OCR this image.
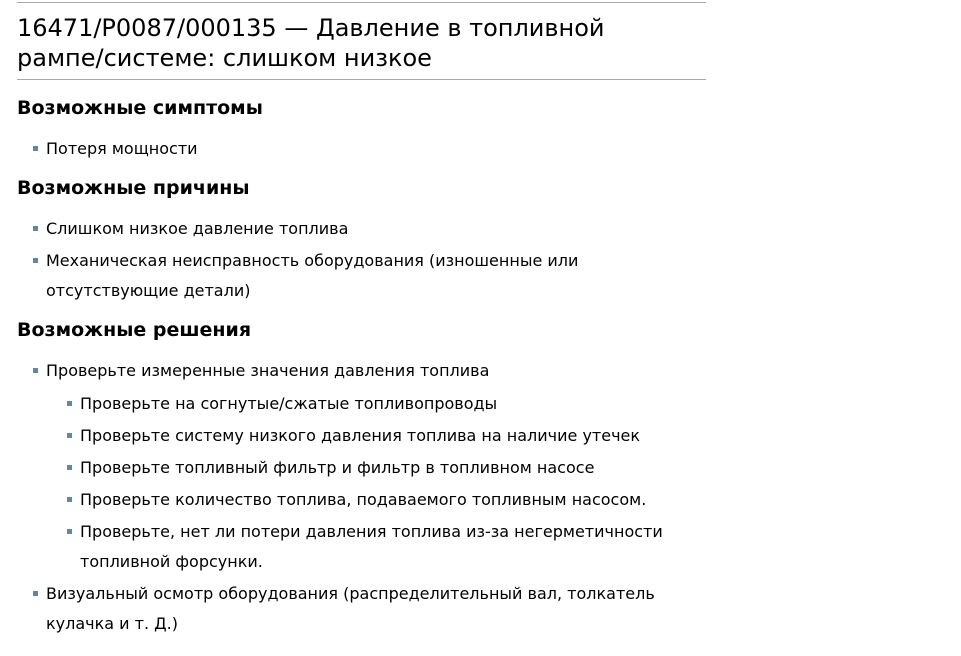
16471/P0087/000135 — Давление в топливной рампе/системе: слишком низкое
Возможные симптомы
Потеря мощности
Возможные причины
Слишком низкое давление топлива
Механическая неисправность оборудования (изношенные или отсутствующие детали)
Возможные решения
Проверьте измеренные значения давления топлива
Проверьте на согнутые/сжатые топливопроводы
Проверьте систему низкого давления топлива на наличие утечек
Проверьте топливный фильтр и фильтр в топливном насосе
Проверьте количество топлива, подаваемого топливным насосом.
Проверьте, нет ли потери давления топлива из-за негерметичности топливной форсунки.
Визуальный осмотр оборудования (распределительный вал, толкатель кулачка и т. Д.)
